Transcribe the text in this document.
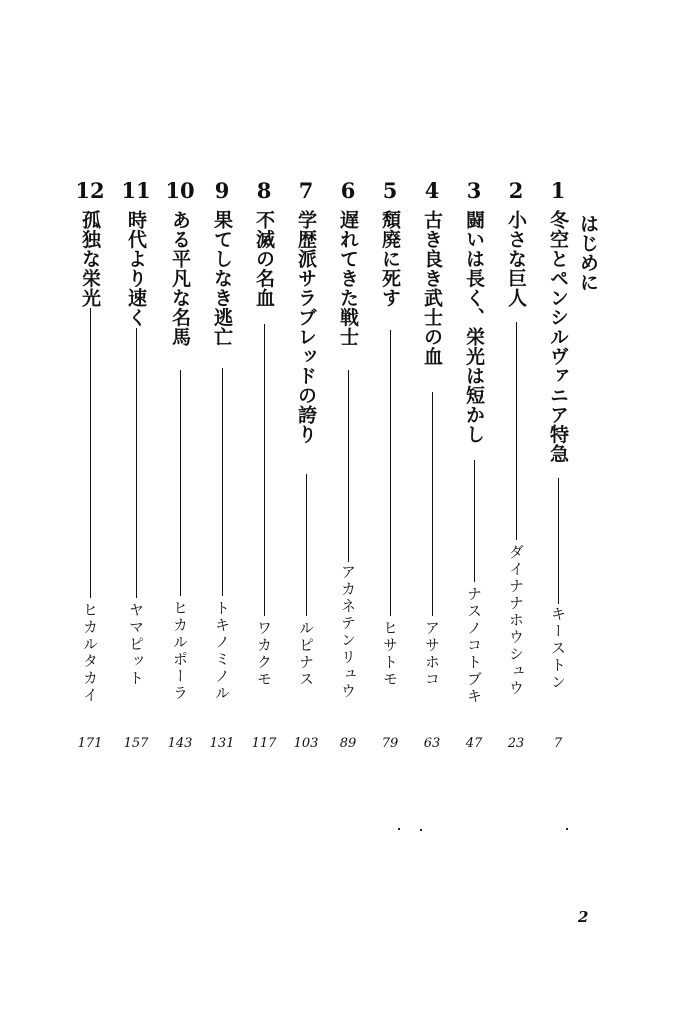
はじめに
1
冬空とペンシルヴァニア特急
キーストン
7
2
小さな巨人
ダイナナホウシュウ
23
3
闘いは長く、栄光は短かし
ナスノコトブキ
47
4
古き良き武士の血
アサホコ
63
5
頽廃に死す
ヒサトモ
79
6
遅れてきた戦士
アカネテンリュウ
89
7
学歴派サラブレッドの誇り
ルピナス
103
8
不滅の名血
ワカクモ
117
9
果てしなき逃亡
トキノミノル
131
10
ある平凡な名馬
ヒカルポーラ
143
11
時代より速く
ヤマピット
157
12
孤独な栄光
ヒカルタカイ
171
2
